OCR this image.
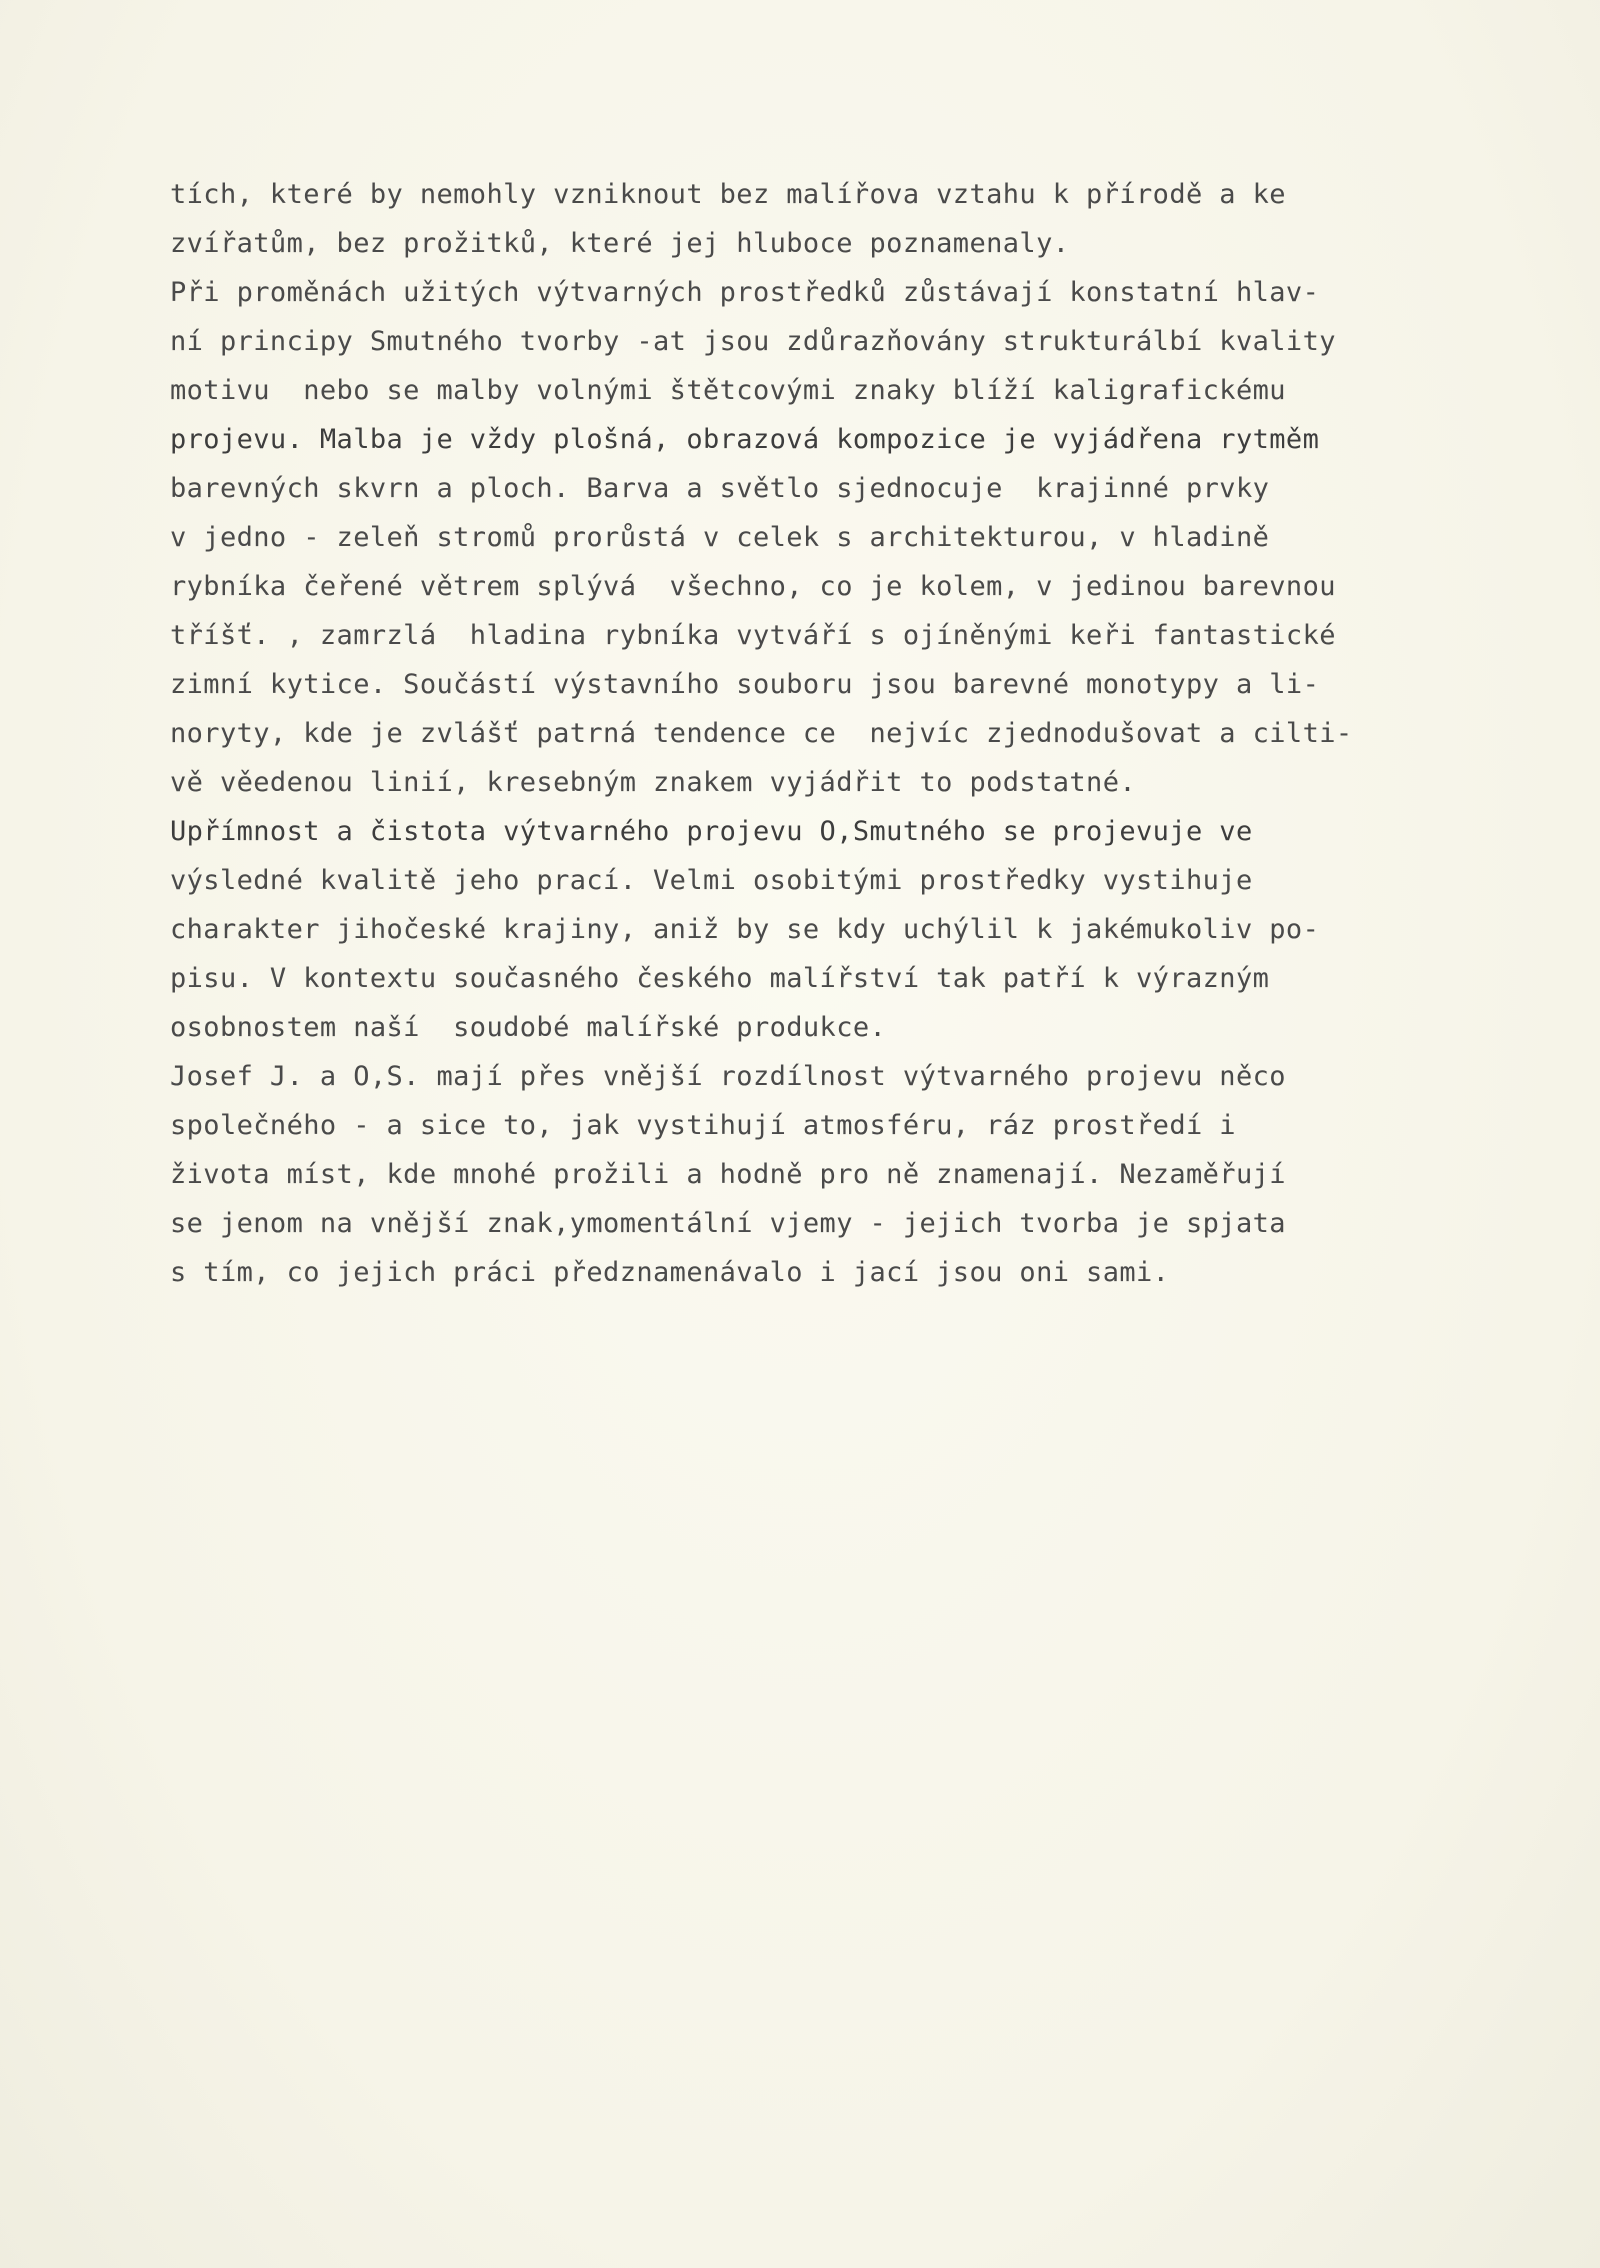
tích, které by nemohly vzniknout bez malířova vztahu k přírodě a ke
zvířatům, bez prožitků, které jej hluboce poznamenaly.
Při proměnách užitých výtvarných prostředků zůstávají konstatní hlav-
ní principy Smutného tvorby -at jsou zdůrazňovány strukturálbí kvality
motivu  nebo se malby volnými štětcovými znaky blíží kaligrafickému
projevu. Malba je vždy plošná, obrazová kompozice je vyjádřena rytměm
barevných skvrn a ploch. Barva a světlo sjednocuje  krajinné prvky
v jedno - zeleň stromů prorůstá v celek s architekturou, v hladině
rybníka čeřené větrem splývá  všechno, co je kolem, v jedinou barevnou
tříšť. , zamrzlá  hladina rybníka vytváří s ojíněnými keři fantastické
zimní kytice. Součástí výstavního souboru jsou barevné monotypy a li-
noryty, kde je zvlášť patrná tendence ce  nejvíc zjednodušovat a cilti-
vě věedenou linií, kresebným znakem vyjádřit to podstatné.
Upřímnost a čistota výtvarného projevu O,Smutného se projevuje ve
výsledné kvalitě jeho prací. Velmi osobitými prostředky vystihuje
charakter jihočeské krajiny, aniž by se kdy uchýlil k jakémukoliv po-
pisu. V kontextu současného českého malířství tak patří k výrazným
osobnostem naší  soudobé malířské produkce.
Josef J. a O,S. mají přes vnější rozdílnost výtvarného projevu něco
společného - a sice to, jak vystihují atmosféru, ráz prostředí i
života míst, kde mnohé prožili a hodně pro ně znamenají. Nezaměřují
se jenom na vnější znak,ymomentální vjemy - jejich tvorba je spjata
s tím, co jejich práci předznamenávalo i jací jsou oni sami.
